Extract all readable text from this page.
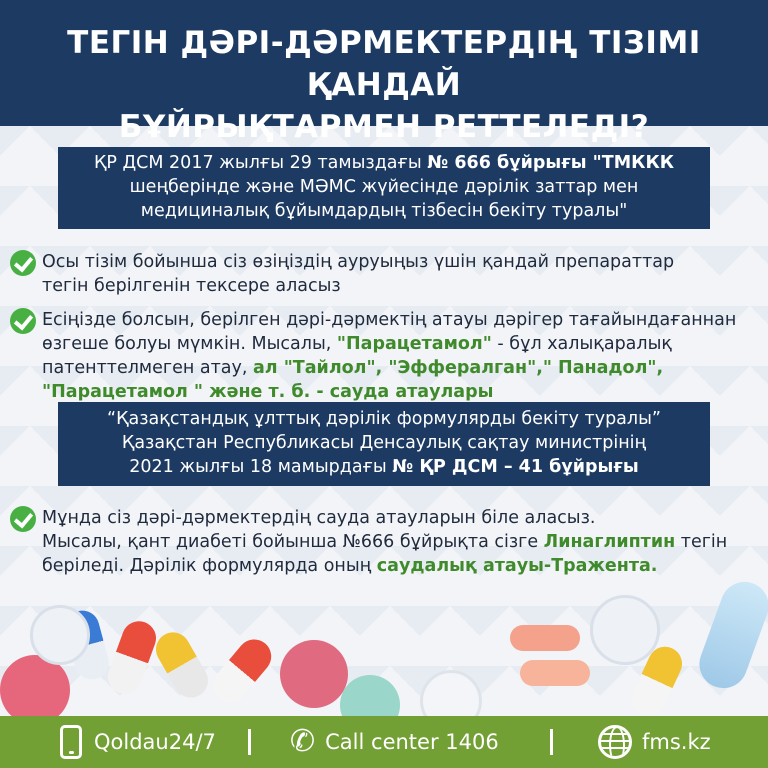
ТЕГІН ДӘРІ-ДӘРМЕКТЕРДІҢ ТІЗІМІ ҚАНДАЙ
БҰЙРЫҚТАРМЕН РЕТТЕЛЕДІ?
ҚР ДСМ 2017 жылғы 29 тамыздағы № 666 бұйрығы "ТМККК
шеңберінде және МӘМС жүйесінде дәрілік заттар мен
медициналық бұйымдардың тізбесін бекіту туралы"
Осы тізім бойынша сіз өзіңіздің ауруыңыз үшін қандай препараттар
тегін берілгенін тексере аласыз
Есіңізде болсын, берілген дәрі-дәрмектің атауы дәрігер тағайындағаннан
өзгеше болуы мүмкін. Мысалы, "Парацетамол" - бұл халықаралық
патенттелмеген атау, ал "Тайлол", "Эффералган"," Панадол",
"Парацетамол " және т. б. - сауда атаулары
“Қазақстандық ұлттық дәрілік формулярды бекіту туралы”
Қазақстан Республикасы Денсаулық сақтау министрінің
2021 жылғы 18 мамырдағы № ҚР ДСМ – 41 бұйрығы
Мұнда сіз дәрі-дәрмектердің сауда атауларын біле аласыз.
Мысалы, қант диабеті бойынша №666 бұйрықта сізге Линаглиптин тегін
беріледі. Дәрілік формулярда оның саудалық атауы-Тражента.
Qoldau24/7 ✆ Call center 1406	fms.kz
